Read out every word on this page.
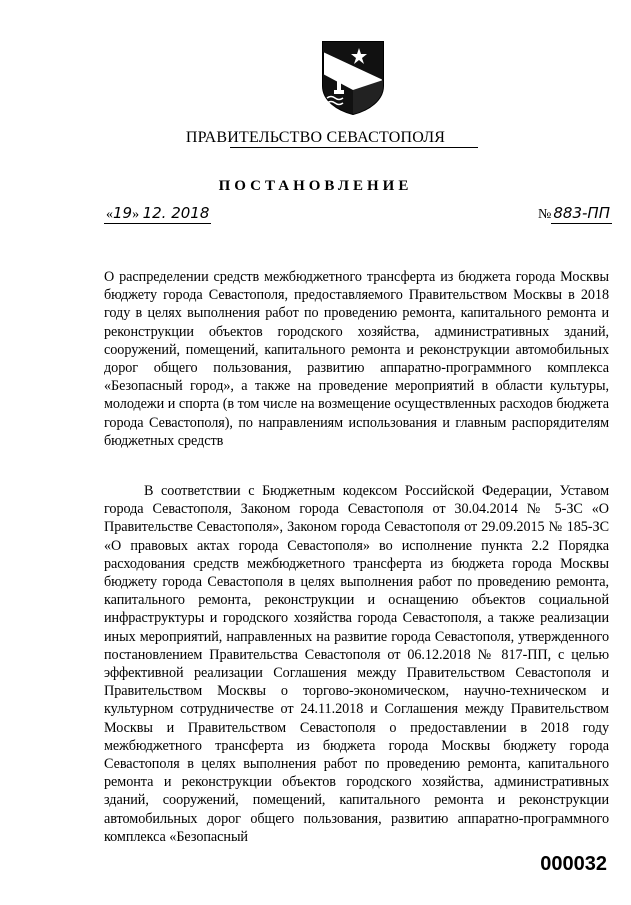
ПРАВИТЕЛЬСТВО СЕВАСТОПОЛЯ
ПОСТАНОВЛЕНИЕ
«19» 12. 2018	№ 883-ПП
О распределении средств межбюджетного трансферта из бюджета города Москвы бюджету города Севастополя, предоставляемого Правительством Москвы в 2018 году в целях выполнения работ по проведению ремонта, капитального ремонта и реконструкции объектов городского хозяйства, административных зданий, сооружений, помещений, капитального ремонта и реконструкции автомобильных дорог общего пользования, развитию аппаратно-программного комплекса «Безопасный город», а также на проведение мероприятий в области культуры, молодежи и спорта (в том числе на возмещение осуществленных расходов бюджета города Севастополя), по направлениям использования и главным распорядителям бюджетных средств
В соответствии с Бюджетным кодексом Российской Федерации, Уставом города Севастополя, Законом города Севастополя от 30.04.2014 № 5-ЗС «О Правительстве Севастополя», Законом города Севастополя от 29.09.2015 № 185-ЗС «О правовых актах города Севастополя» во исполнение пункта 2.2 Порядка расходования средств межбюджетного трансферта из бюджета города Москвы бюджету города Севастополя в целях выполнения работ по проведению ремонта, капитального ремонта, реконструкции и оснащению объектов социальной инфраструктуры и городского хозяйства города Севастополя, а также реализации иных мероприятий, направленных на развитие города Севастополя, утвержденного постановлением Правительства Севастополя от 06.12.2018 № 817-ПП, с целью эффективной реализации Соглашения между Правительством Севастополя и Правительством Москвы о торгово-экономическом, научно-техническом и культурном сотрудничестве от 24.11.2018 и Соглашения между Правительством Москвы и Правительством Севастополя о предоставлении в 2018 году межбюджетного трансферта из бюджета города Москвы бюджету города Севастополя в целях выполнения работ по проведению ремонта, капитального ремонта и реконструкции объектов городского хозяйства, административных зданий, сооружений, помещений, капитального ремонта и реконструкции автомобильных дорог общего пользования, развитию аппаратно-программного комплекса «Безопасный
000032
